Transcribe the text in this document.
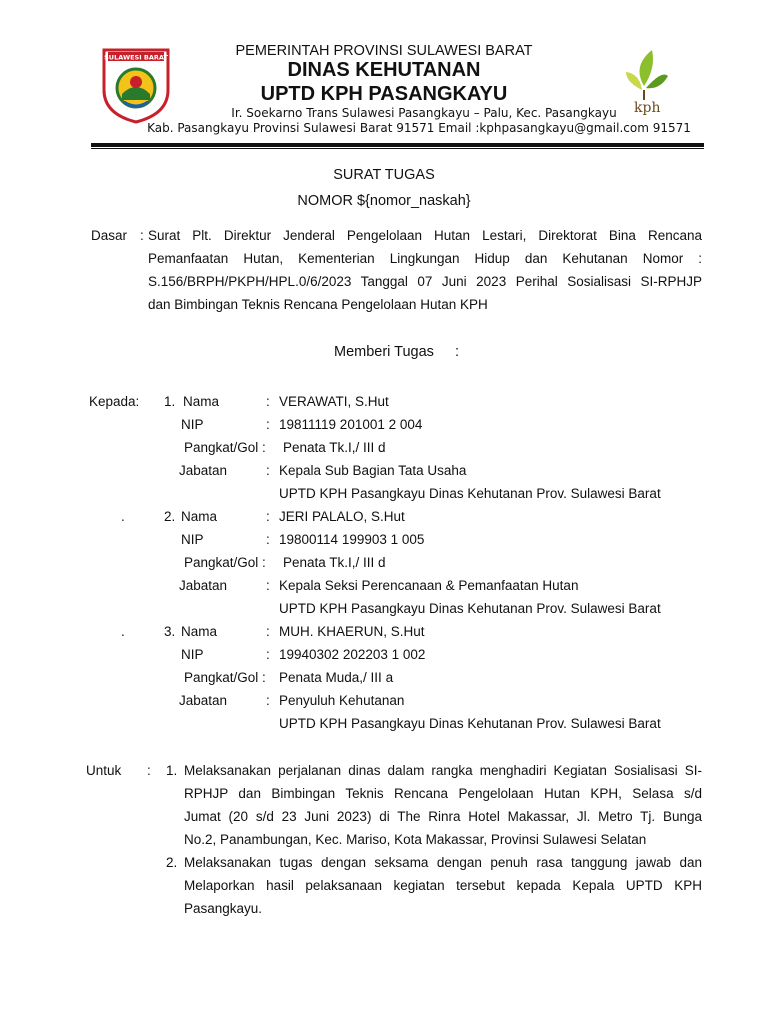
SULAWESI BARAT
kph
PEMERINTAH PROVINSI SULAWESI BARAT
DINAS KEHUTANAN
UPTD KPH PASANGKAYU
Ir. Soekarno Trans Sulawesi Pasangkayu – Palu, Kec. Pasangkayu
Kab. Pasangkayu Provinsi Sulawesi Barat 91571 Email :kphpasangkayu@gmail.com 91571
SURAT TUGAS
NOMOR ${nomor_naskah}
Dasar : Surat Plt. Direktur Jenderal Pengelolaan Hutan Lestari, Direktorat Bina Rencana
Pemanfaatan Hutan, Kementerian Lingkungan Hidup dan Kehutanan Nomor :
S.156/BRPH/PKPH/HPL.0/6/2023 Tanggal 07 Juni 2023 Perihal Sosialisasi SI-RPHJP
dan Bimbingan Teknis Rencana Pengelolaan Hutan KPH
Memberi Tugas :
Kepada: 1. Nama	: VERAWATI, S.Hut
NIP	: 19811119 201001 2 004
Pangkat/Gol : Penata Tk.I,/ III d
Jabatan	: Kepala Sub Bagian Tata Usaha
UPTD KPH Pasangkayu Dinas Kehutanan Prov. Sulawesi Barat
.	2. Nama	: JERI PALALO, S.Hut
NIP	: 19800114 199903 1 005
Pangkat/Gol : Penata Tk.I,/ III d
Jabatan	: Kepala Seksi Perencanaan & Pemanfaatan Hutan
UPTD KPH Pasangkayu Dinas Kehutanan Prov. Sulawesi Barat
.	3. Nama	: MUH. KHAERUN, S.Hut
NIP	: 19940302 202203 1 002
Pangkat/Gol : Penata Muda,/ III a
Jabatan	: Penyuluh Kehutanan
UPTD KPH Pasangkayu Dinas Kehutanan Prov. Sulawesi Barat
Untuk : 1. Melaksanakan perjalanan dinas dalam rangka menghadiri Kegiatan Sosialisasi SI-
RPHJP dan Bimbingan Teknis Rencana Pengelolaan Hutan KPH, Selasa s/d
Jumat (20 s/d 23 Juni 2023) di The Rinra Hotel Makassar, Jl. Metro Tj. Bunga
No.2, Panambungan, Kec. Mariso, Kota Makassar, Provinsi Sulawesi Selatan
2. Melaksanakan tugas dengan seksama dengan penuh rasa tanggung jawab dan
Melaporkan hasil pelaksanaan kegiatan tersebut kepada Kepala UPTD KPH
Pasangkayu.
